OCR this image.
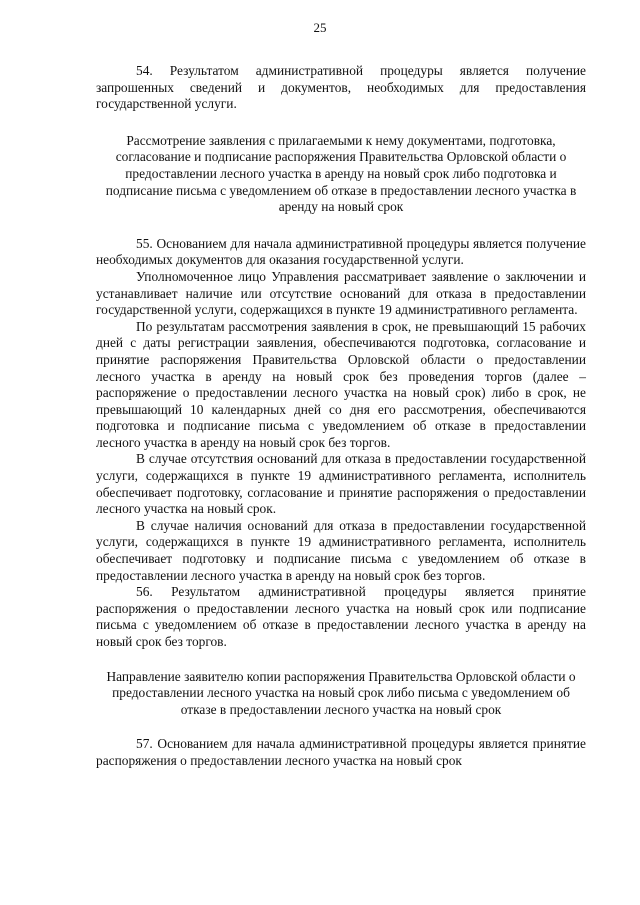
25

54. Результатом административной процедуры является получение запрошенных сведений и документов, необходимых для предоставления государственной услуги.

Рассмотрение заявления с прилагаемыми к нему документами, подготовка, согласование и подписание распоряжения Правительства Орловской области о предоставлении лесного участка в аренду на новый срок либо подготовка и подписание письма с уведомлением об отказе в предоставлении лесного участка в аренду на новый срок

55. Основанием для начала административной процедуры является получение необходимых документов для оказания государственной услуги.

Уполномоченное лицо Управления рассматривает заявление о заключении и устанавливает наличие или отсутствие оснований для отказа в предоставлении государственной услуги, содержащихся в пункте 19 административного регламента.

По результатам рассмотрения заявления в срок, не превышающий 15 рабочих дней с даты регистрации заявления, обеспечиваются подготовка, согласование и принятие распоряжения Правительства Орловской области о предоставлении лесного участка в аренду на новый срок без проведения торгов (далее – распоряжение о предоставлении лесного участка на новый срок) либо в срок, не превышающий 10 календарных дней со дня его рассмотрения, обеспечиваются подготовка и подписание письма с уведомлением об отказе в предоставлении лесного участка в аренду на новый срок без торгов.

В случае отсутствия оснований для отказа в предоставлении государственной услуги, содержащихся в пункте 19 административного регламента, исполнитель обеспечивает подготовку, согласование и принятие распоряжения о предоставлении лесного участка на новый срок.

В случае наличия оснований для отказа в предоставлении государственной услуги, содержащихся в пункте 19 административного регламента, исполнитель обеспечивает подготовку и подписание письма с уведомлением об отказе в предоставлении лесного участка в аренду на новый срок без торгов.

56. Результатом административной процедуры является принятие распоряжения о предоставлении лесного участка на новый срок или подписание письма с уведомлением об отказе в предоставлении лесного участка в аренду на новый срок без торгов.

Направление заявителю копии распоряжения Правительства Орловской области о предоставлении лесного участка на новый срок либо письма с уведомлением об отказе в предоставлении лесного участка на новый срок

57. Основанием для начала административной процедуры является принятие распоряжения о предоставлении лесного участка на новый срок
